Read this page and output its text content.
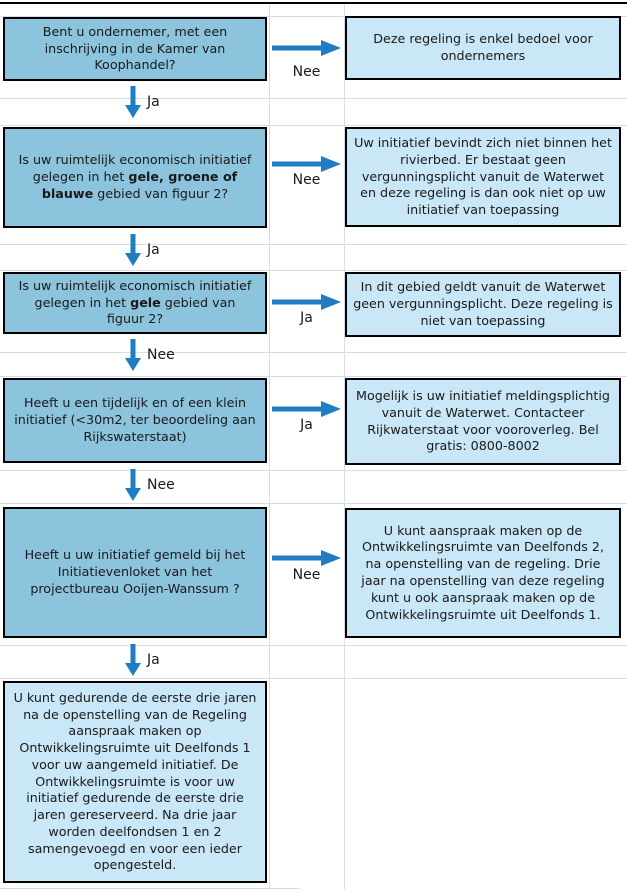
Bent u ondernemer, met een inschrijving in de Kamer van Koophandel?
Is uw ruimtelijk economisch initiatief gelegen in het gele, groene of blauwe gebied van figuur 2?
Is uw ruimtelijk economisch initiatief gelegen in het gele gebied van figuur 2?
Heeft u een tijdelijk en of een klein initiatief (<30m2, ter beoordeling aan Rijkswaterstaat)
Heeft u uw initiatief gemeld bij het Initiatievenloket van het projectbureau Ooijen-Wanssum ?
U kunt gedurende de eerste drie jaren na de openstelling van de Regeling aanspraak maken op Ontwikkelingsruimte uit Deelfonds 1 voor uw aangemeld initiatief. De Ontwikkelingsruimte is voor uw initiatief gedurende de eerste drie jaren gereserveerd. Na drie jaar worden deelfondsen 1 en 2 samengevoegd en voor een ieder opengesteld.
Deze regeling is enkel bedoel voor ondernemers
Uw initiatief bevindt zich niet binnen het rivierbed. Er bestaat geen vergunningsplicht vanuit de Waterwet en deze regeling is dan ook niet op uw initiatief van toepassing
In dit gebied geldt vanuit de Waterwet geen vergunningsplicht. Deze regeling is niet van toepassing
Mogelijk is uw initiatief meldingsplichtig vanuit de Waterwet. Contacteer Rijkwaterstaat voor vooroverleg. Bel gratis: 0800-8002
U kunt aanspraak maken op de Ontwikkelingsruimte van Deelfonds 2, na openstelling van de regeling. Drie jaar na openstelling van deze regeling kunt u ook aanspraak maken op de Ontwikkelingsruimte uit Deelfonds 1.
Ja
Ja
Nee
Nee
Ja
Nee
Nee
Ja
Ja
Nee
